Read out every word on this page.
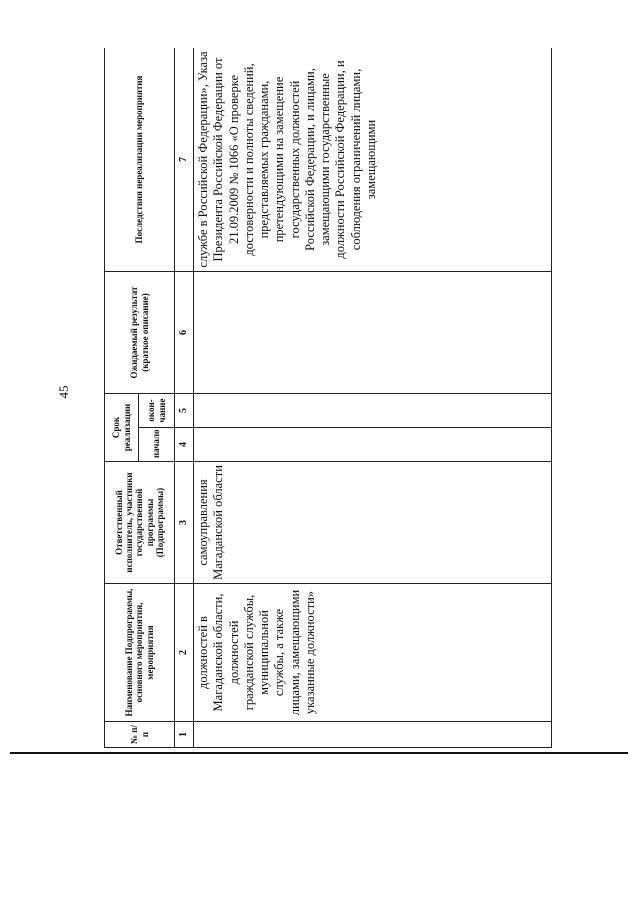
45
№ п/п	Наименование Подпрограммы, основного мероприятия, мероприятия	Ответственный исполнитель, участники государственной программы (Подпрограммы)	Срок реализации		Ожидаемый результат (краткое описание)	Последствия нереализации мероприятия
			начало	окон-чание		
1	2	3	4	5	6	7
	должностей в Магаданской области, должностей гражданской службы, муниципальной службы, а также лицами, замещающими указанные должности»	самоуправления Магаданской области				службе в Российской Федерации», Указа Президента Российской Федерации от 21.09.2009 № 1066 «О проверке достоверности и полноты сведений, представляемых гражданами, претендующими на замещение государственных должностей Российской Федерации, и лицами, замещающими государственные должности Российской Федерации, и соблюдения ограничений лицами, замещающими
